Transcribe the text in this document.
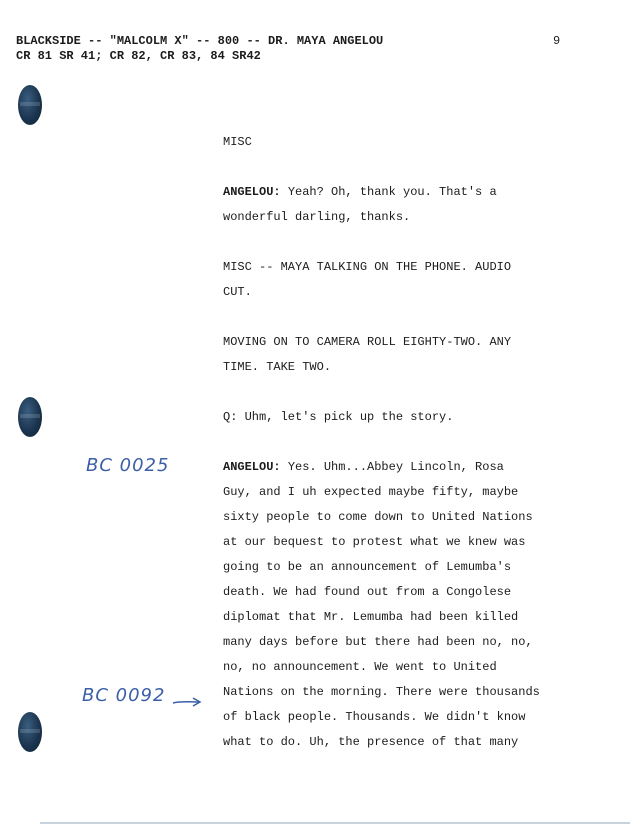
BLACKSIDE -- "MALCOLM X" -- 800 -- DR. MAYA ANGELOU
CR 81 SR 41; CR 82, CR 83, 84 SR42
9
BC 0025
BC 0092
MISC
ANGELOU: Yeah? Oh, thank you. That's a
wonderful darling, thanks.
MISC -- MAYA TALKING ON THE PHONE. AUDIO
CUT.
MOVING ON TO CAMERA ROLL EIGHTY-TWO. ANY
TIME. TAKE TWO.
Q: Uhm, let's pick up the story.
ANGELOU: Yes. Uhm...Abbey Lincoln, Rosa
Guy, and I uh expected maybe fifty, maybe
sixty people to come down to United Nations
at our bequest to protest what we knew was
going to be an announcement of Lemumba's
death. We had found out from a Congolese
diplomat that Mr. Lemumba had been killed
many days before but there had been no, no,
no, no announcement. We went to United
Nations on the morning. There were thousands
of black people. Thousands. We didn't know
what to do. Uh, the presence of that many
